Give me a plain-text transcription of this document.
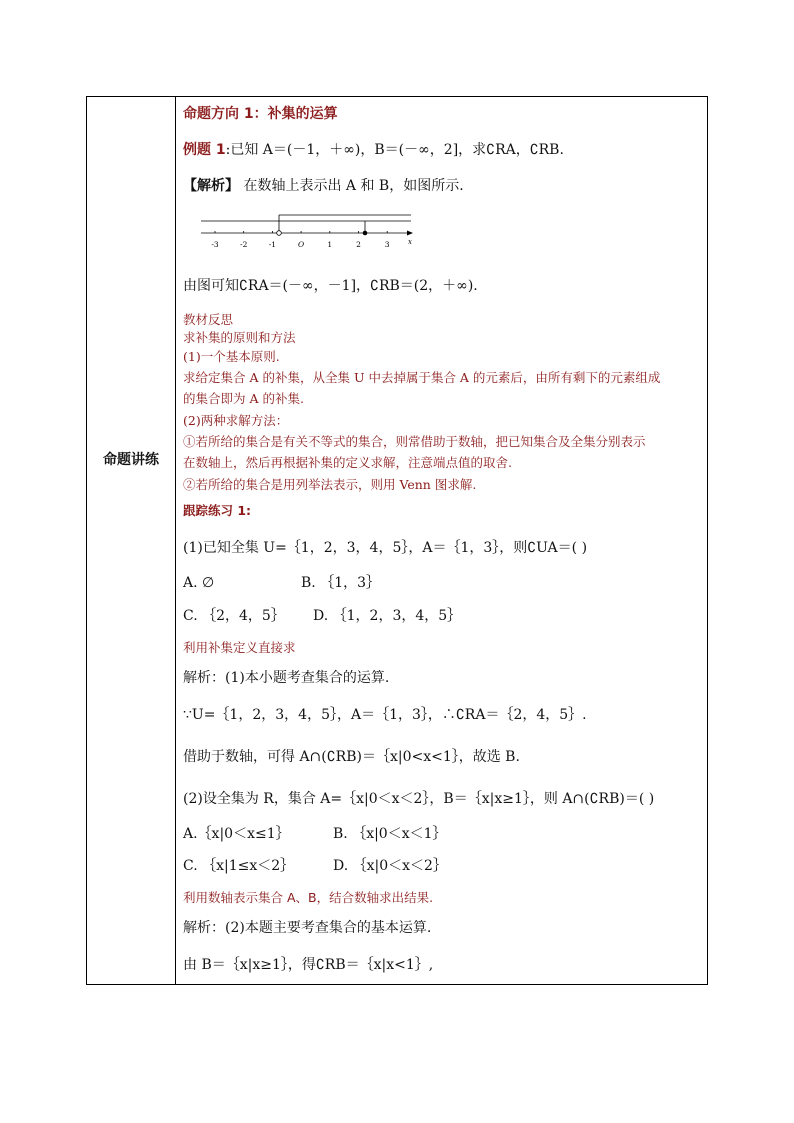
命题讲练
命题方向 1：补集的运算
例题 1:已知 A＝(－1，＋∞)，B＝(－∞，2]，求∁RA，∁RB.
【解析】 在数轴上表示出 A 和 B，如图所示.
-3	-2	-1	O	1	2	3	x
由图可知∁RA＝(－∞，－1]，∁RB＝(2，＋∞).
教材反思
求补集的原则和方法
(1)一个基本原则.
求给定集合 A 的补集，从全集 U 中去掉属于集合 A 的元素后，由所有剩下的元素组成
的集合即为 A 的补集.
(2)两种求解方法：
①若所给的集合是有关不等式的集合，则常借助于数轴，把已知集合及全集分别表示
在数轴上，然后再根据补集的定义求解，注意端点值的取舍.
②若所给的集合是用列举法表示，则用 Venn 图求解.
跟踪练习 1:
(1)已知全集 U=｛1，2，3，4，5｝，A＝｛1，3｝，则∁UA＝( )
A. ∅	B. ｛1，3｝
C. ｛2，4，5｝ D. ｛1，2，3，4，5｝
利用补集定义直接求
解析：(1)本小题考查集合的运算.
∵U=｛1，2，3，4，5｝，A＝｛1，3｝，∴∁RA＝｛2，4，5｝.
借助于数轴，可得 A∩(∁RB)＝｛x|0<x<1｝，故选 B.
(2)设全集为 R，集合 A=｛x|0＜x＜2｝，B＝｛x|x≥1｝，则 A∩(∁RB)＝( )
A.｛x|0＜x≤1｝	B. ｛x|0＜x＜1｝
C. ｛x|1≤x＜2｝	D. ｛x|0＜x＜2｝
利用数轴表示集合 A、B，结合数轴求出结果.
解析：(2)本题主要考查集合的基本运算.
由 B＝｛x|x≥1｝，得∁RB＝｛x|x<1｝,
